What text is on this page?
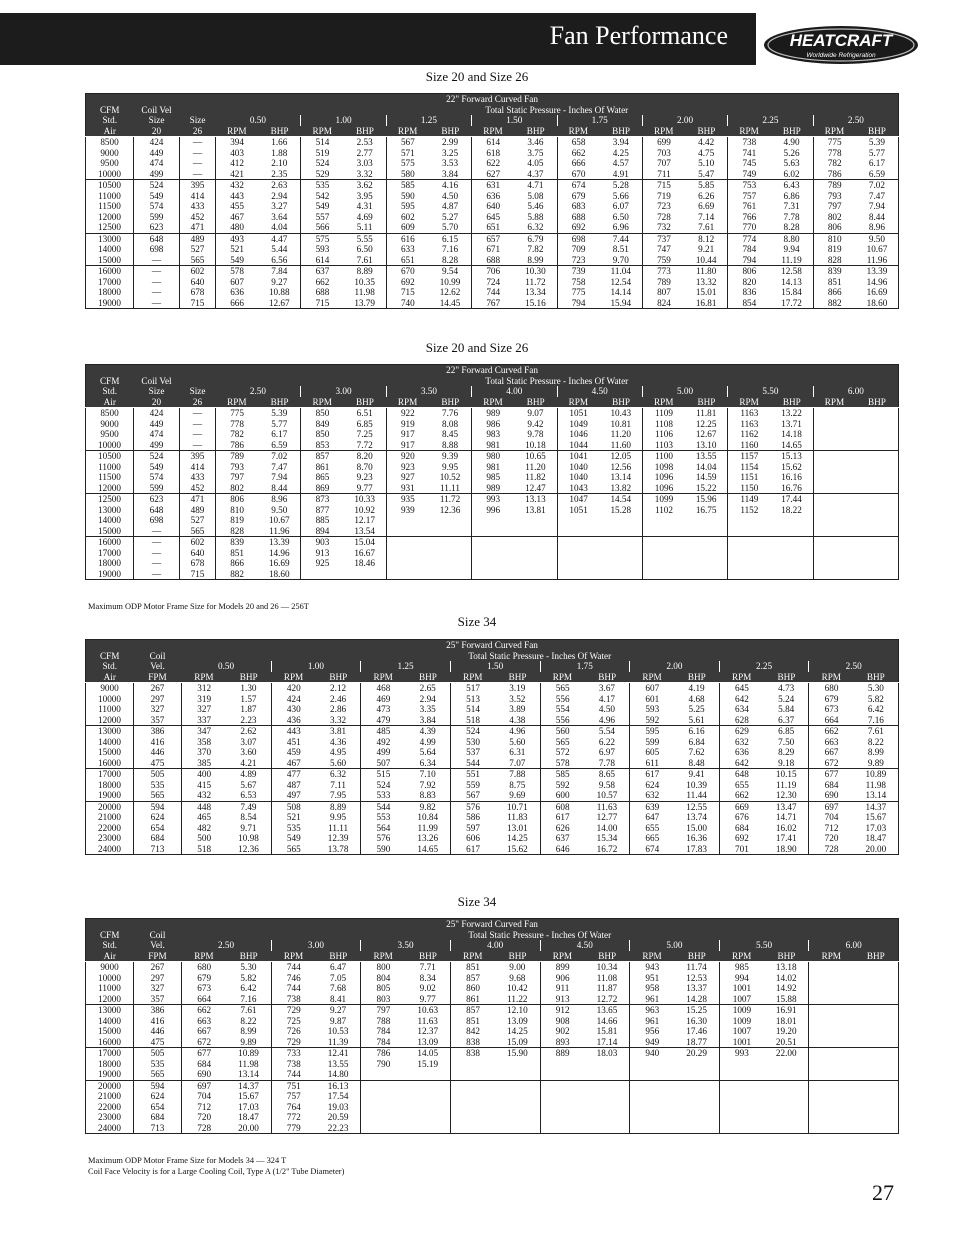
Fan Performance	HEATCRAFT
Worldwide Refrigeration
Size 20 and Size 26
22" Forward Curved Fan																		
CFM	Coil Vel		Total Static Pressure - Inches Of Water															
Std.	Size	Size	0.50		1.00		1.25		1.50		1.75		2.00		2.25		2.50	
Air	20	26	RPM	BHP	RPM	BHP	RPM	BHP	RPM	BHP	RPM	BHP	RPM	BHP	RPM	BHP	RPM	BHP
8500	424	—	394	1.66	514	2.53	567	2.99	614	3.46	658	3.94	699	4.42	738	4.90	775	5.39
9000	449	—	403	1.88	519	2.77	571	3.25	618	3.75	662	4.25	703	4.75	741	5.26	778	5.77
9500	474	—	412	2.10	524	3.03	575	3.53	622	4.05	666	4.57	707	5.10	745	5.63	782	6.17
10000	499	—	421	2.35	529	3.32	580	3.84	627	4.37	670	4.91	711	5.47	749	6.02	786	6.59
10500	524	395	432	2.63	535	3.62	585	4.16	631	4.71	674	5.28	715	5.85	753	6.43	789	7.02
11000	549	414	443	2.94	542	3.95	590	4.50	636	5.08	679	5.66	719	6.26	757	6.86	793	7.47
11500	574	433	455	3.27	549	4.31	595	4.87	640	5.46	683	6.07	723	6.69	761	7.31	797	7.94
12000	599	452	467	3.64	557	4.69	602	5.27	645	5.88	688	6.50	728	7.14	766	7.78	802	8.44
12500	623	471	480	4.04	566	5.11	609	5.70	651	6.32	692	6.96	732	7.61	770	8.28	806	8.96
13000	648	489	493	4.47	575	5.55	616	6.15	657	6.79	698	7.44	737	8.12	774	8.80	810	9.50
14000	698	527	521	5.44	593	6.50	633	7.16	671	7.82	709	8.51	747	9.21	784	9.94	819	10.67
15000	—	565	549	6.56	614	7.61	651	8.28	688	8.99	723	9.70	759	10.44	794	11.19	828	11.96
16000	—	602	578	7.84	637	8.89	670	9.54	706	10.30	739	11.04	773	11.80	806	12.58	839	13.39
17000	—	640	607	9.27	662	10.35	692	10.99	724	11.72	758	12.54	789	13.32	820	14.13	851	14.96
18000	—	678	636	10.88	688	11.98	715	12.62	744	13.34	775	14.14	807	15.01	836	15.84	866	16.69
19000	—	715	666	12.67	715	13.79	740	14.45	767	15.16	794	15.94	824	16.81	854	17.72	882	18.60
Size 20 and Size 26
22" Forward Curved Fan																		
CFM	Coil Vel		Total Static Pressure - Inches Of Water															
Std.	Size	Size	2.50		3.00		3.50		4.00		4.50		5.00		5.50		6.00	
Air	20	26	RPM	BHP	RPM	BHP	RPM	BHP	RPM	BHP	RPM	BHP	RPM	BHP	RPM	BHP	RPM	BHP
8500	424	—	775	5.39	850	6.51	922	7.76	989	9.07	1051	10.43	1109	11.81	1163	13.22		
9000	449	—	778	5.77	849	6.85	919	8.08	986	9.42	1049	10.81	1108	12.25	1163	13.71		
9500	474	—	782	6.17	850	7.25	917	8.45	983	9.78	1046	11.20	1106	12.67	1162	14.18		
10000	499	—	786	6.59	853	7.72	917	8.88	981	10.18	1044	11.60	1103	13.10	1160	14.65		
10500	524	395	789	7.02	857	8.20	920	9.39	980	10.65	1041	12.05	1100	13.55	1157	15.13		
11000	549	414	793	7.47	861	8.70	923	9.95	981	11.20	1040	12.56	1098	14.04	1154	15.62		
11500	574	433	797	7.94	865	9.23	927	10.52	985	11.82	1040	13.14	1096	14.59	1151	16.16		
12000	599	452	802	8.44	869	9.77	931	11.11	989	12.47	1043	13.82	1096	15.22	1150	16.76		
12500	623	471	806	8.96	873	10.33	935	11.72	993	13.13	1047	14.54	1099	15.96	1149	17.44		
13000	648	489	810	9.50	877	10.92	939	12.36	996	13.81	1051	15.28	1102	16.75	1152	18.22		
14000	698	527	819	10.67	885	12.17												
15000	—	565	828	11.96	894	13.54												
16000	—	602	839	13.39	903	15.04												
17000	—	640	851	14.96	913	16.67												
18000	—	678	866	16.69	925	18.46												
19000	—	715	882	18.60														
Maximum ODP Motor Frame Size for Models 20 and 26 — 256T
Size 34
25" Forward Curved Fan																	
CFM	Coil	Total Static Pressure - Inches Of Water															
Std.	Vel.	0.50		1.00		1.25		1.50		1.75		2.00		2.25		2.50	
Air	FPM	RPM	BHP	RPM	BHP	RPM	BHP	RPM	BHP	RPM	BHP	RPM	BHP	RPM	BHP	RPM	BHP
9000	267	312	1.30	420	2.12	468	2.65	517	3.19	565	3.67	607	4.19	645	4.73	680	5.30
10000	297	319	1.57	424	2.46	469	2.94	513	3.52	556	4.17	601	4.68	642	5.24	679	5.82
11000	327	327	1.87	430	2.86	473	3.35	514	3.89	554	4.50	593	5.25	634	5.84	673	6.42
12000	357	337	2.23	436	3.32	479	3.84	518	4.38	556	4.96	592	5.61	628	6.37	664	7.16
13000	386	347	2.62	443	3.81	485	4.39	524	4.96	560	5.54	595	6.16	629	6.85	662	7.61
14000	416	358	3.07	451	4.36	492	4.99	530	5.60	565	6.22	599	6.84	632	7.50	663	8.22
15000	446	370	3.60	459	4.95	499	5.64	537	6.31	572	6.97	605	7.62	636	8.29	667	8.99
16000	475	385	4.21	467	5.60	507	6.34	544	7.07	578	7.78	611	8.48	642	9.18	672	9.89
17000	505	400	4.89	477	6.32	515	7.10	551	7.88	585	8.65	617	9.41	648	10.15	677	10.89
18000	535	415	5.67	487	7.11	524	7.92	559	8.75	592	9.58	624	10.39	655	11.19	684	11.98
19000	565	432	6.53	497	7.95	533	8.83	567	9.69	600	10.57	632	11.44	662	12.30	690	13.14
20000	594	448	7.49	508	8.89	544	9.82	576	10.71	608	11.63	639	12.55	669	13.47	697	14.37
21000	624	465	8.54	521	9.95	553	10.84	586	11.83	617	12.77	647	13.74	676	14.71	704	15.67
22000	654	482	9.71	535	11.11	564	11.99	597	13.01	626	14.00	655	15.00	684	16.02	712	17.03
23000	684	500	10.98	549	12.39	576	13.26	606	14.25	637	15.34	665	16.36	692	17.41	720	18.47
24000	713	518	12.36	565	13.78	590	14.65	617	15.62	646	16.72	674	17.83	701	18.90	728	20.00
Size 34
25" Forward Curved Fan																	
CFM	Coil	Total Static Pressure - Inches Of Water															
Std.	Vel.	2.50		3.00		3.50		4.00		4.50		5.00		5.50		6.00	
Air	FPM	RPM	BHP	RPM	BHP	RPM	BHP	RPM	BHP	RPM	BHP	RPM	BHP	RPM	BHP	RPM	BHP
9000	267	680	5.30	744	6.47	800	7.71	851	9.00	899	10.34	943	11.74	985	13.18		
10000	297	679	5.82	746	7.05	804	8.34	857	9.68	906	11.08	951	12.53	994	14.02		
11000	327	673	6.42	744	7.68	805	9.02	860	10.42	911	11.87	958	13.37	1001	14.92		
12000	357	664	7.16	738	8.41	803	9.77	861	11.22	913	12.72	961	14.28	1007	15.88		
13000	386	662	7.61	729	9.27	797	10.63	857	12.10	912	13.65	963	15.25	1009	16.91		
14000	416	663	8.22	725	9.87	788	11.63	851	13.09	908	14.66	961	16.30	1009	18.01		
15000	446	667	8.99	726	10.53	784	12.37	842	14.25	902	15.81	956	17.46	1007	19.20		
16000	475	672	9.89	729	11.39	784	13.09	838	15.09	893	17.14	949	18.77	1001	20.51		
17000	505	677	10.89	733	12.41	786	14.05	838	15.90	889	18.03	940	20.29	993	22.00		
18000	535	684	11.98	738	13.55	790	15.19										
19000	565	690	13.14	744	14.80												
20000	594	697	14.37	751	16.13												
21000	624	704	15.67	757	17.54												
22000	654	712	17.03	764	19.03												
23000	684	720	18.47	772	20.59												
24000	713	728	20.00	779	22.23												
Maximum ODP Motor Frame Size for Models 34 — 324 T
Coil Face Velocity is for a Large Cooling Coil, Type A (1/2" Tube Diameter)
27
